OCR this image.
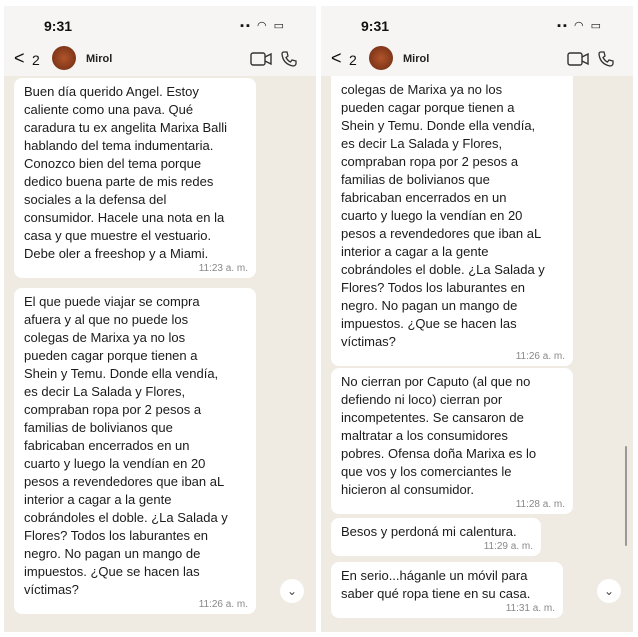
9:31	▪▪ ◠ ▭
< 2	Mirol
Buen día querido Angel. Estoy
caliente como una pava. Qué
caradura tu ex angelita Marixa Balli
hablando del tema indumentaria.
Conozco bien del tema porque
dedico buena parte de mis redes
sociales a la defensa del
consumidor. Hacele una nota en la
casa y que muestre el vestuario.
Debe oler a freeshop y a Miami.
11:23 a. m.
El que puede viajar se compra
afuera y al que no puede los
colegas de Marixa ya no los
pueden cagar porque tienen a
Shein y Temu. Donde ella vendía,
es decir La Salada y Flores,
compraban ropa por 2 pesos a
familias de bolivianos que
fabricaban encerrados en un
cuarto y luego la vendían en 20
pesos a revendedores que iban aL
interior a cagar a la gente
cobrándoles el doble. ¿La Salada y
Flores? Todos los laburantes en
negro. No pagan un mango de
impuestos. ¿Que se hacen las
víctimas?
11:26 a. m.
⌄
9:31	▪▪ ◠ ▭
< 2	Mirol
colegas de Marixa ya no los
pueden cagar porque tienen a
Shein y Temu. Donde ella vendía,
es decir La Salada y Flores,
compraban ropa por 2 pesos a
familias de bolivianos que
fabricaban encerrados en un
cuarto y luego la vendían en 20
pesos a revendedores que iban aL
interior a cagar a la gente
cobrándoles el doble. ¿La Salada y
Flores? Todos los laburantes en
negro. No pagan un mango de
impuestos. ¿Que se hacen las
víctimas?
11:26 a. m.
No cierran por Caputo (al que no
defiendo ni loco) cierran por
incompetentes. Se cansaron de
maltratar a los consumidores
pobres. Ofensa doña Marixa es lo
que vos y los comerciantes le
hicieron al consumidor.
11:28 a. m.
Besos y perdoná mi calentura.
11:29 a. m.
En serio...háganle un móvil para
saber qué ropa tiene en su casa.
11:31 a. m.
⌄
